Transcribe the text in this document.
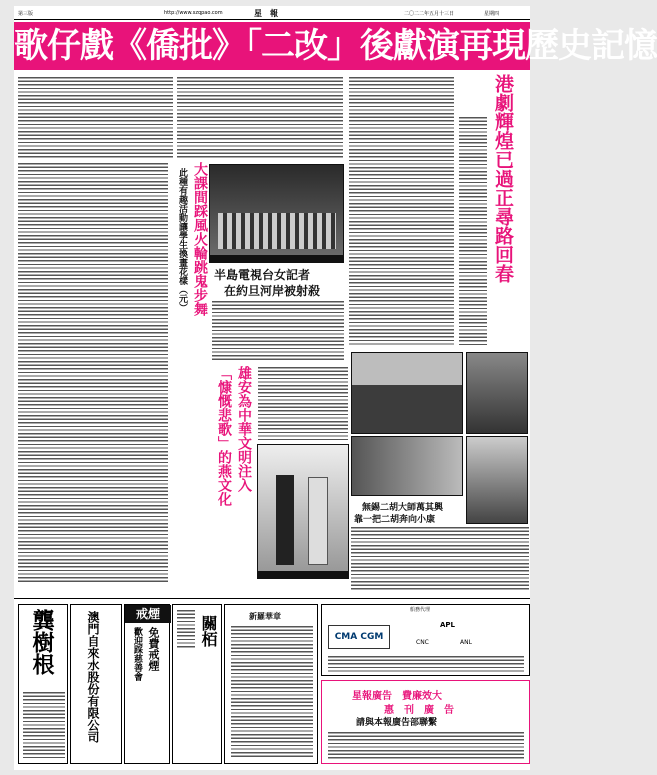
第三版	http://www.szqpao.com	星　報	二〇二二年五月十三日	星期四
歌仔戲《僑批》「二改」後獻演再現歷史記憶
港劇輝煌已過正尋路回春
大課間踩風火輪跳鬼步舞
此種有趣活動讓學生換畫花樣（元） 半島電視台女記者
在約旦河岸被射殺
雄安為中華文明注入
「慷慨悲歌」的燕文化
無錫二胡大師萬其興
靠一把二胡奔向小康
龔樹根	澳門自來水股份有限公司	戒煙
免費戒煙
歡迎踩慈善會	關栢	新羅華章
船務代理
CMA CGM
APL
CNC	ANL
星報廣告　費廉效大
惠　刊　廣　告
請與本報廣告部聯繫
